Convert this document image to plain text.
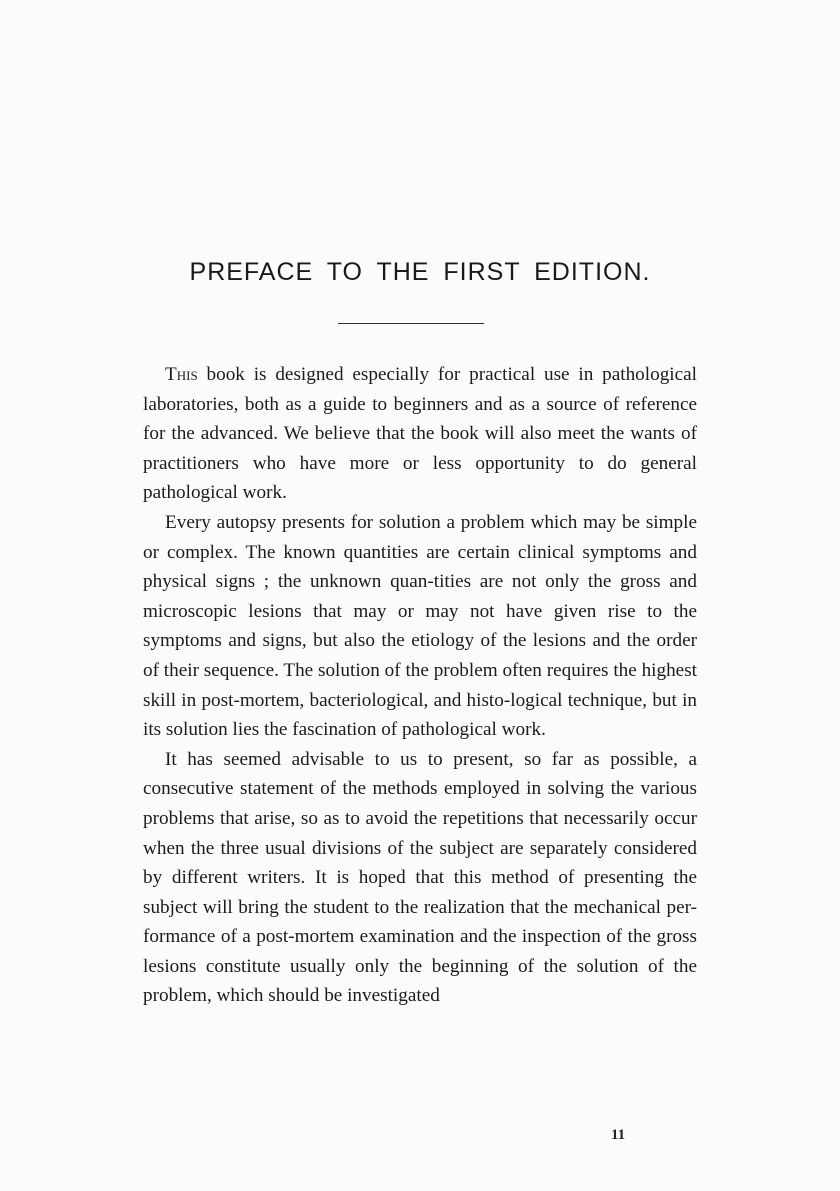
PREFACE TO THE FIRST EDITION.

This book is designed especially for practical use in pathological laboratories, both as a guide to beginners and as a source of reference for the advanced. We believe that the book will also meet the wants of practitioners who have more or less opportunity to do general pathological work.

Every autopsy presents for solution a problem which may be simple or complex. The known quantities are certain clinical symptoms and physical signs ; the unknown quan-tities are not only the gross and microscopic lesions that may or may not have given rise to the symptoms and signs, but also the etiology of the lesions and the order of their sequence. The solution of the problem often requires the highest skill in post-mortem, bacteriological, and histo-logical technique, but in its solution lies the fascination of pathological work.

It has seemed advisable to us to present, so far as possible, a consecutive statement of the methods employed in solving the various problems that arise, so as to avoid the repetitions that necessarily occur when the three usual divisions of the subject are separately considered by different writers. It is hoped that this method of presenting the subject will bring the student to the realization that the mechanical per-formance of a post-mortem examination and the inspection of the gross lesions constitute usually only the beginning of the solution of the problem, which should be investigated

11
